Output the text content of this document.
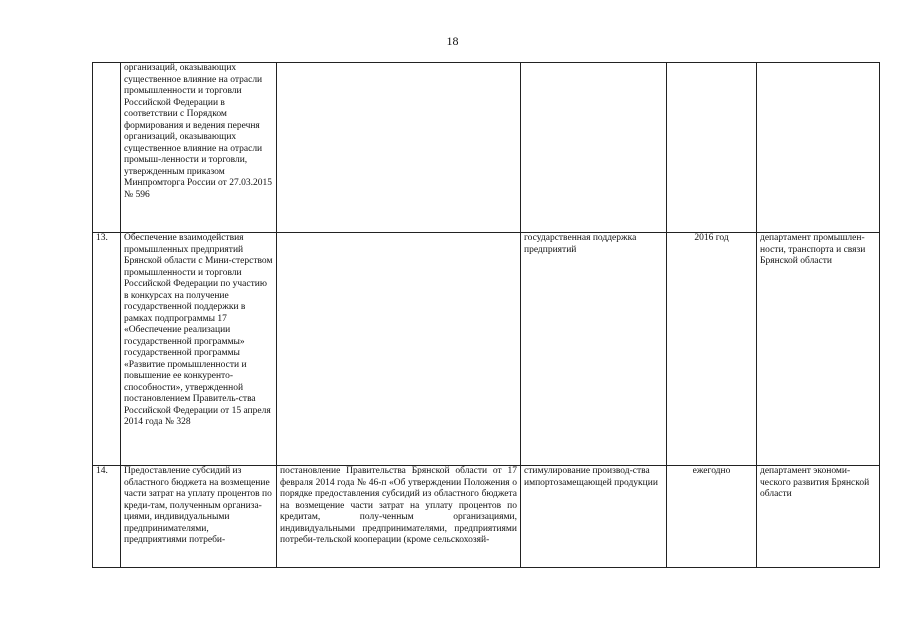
18
	организаций, оказывающих существенное влияние на отрасли промышленности и торговли Российской Федерации в соответствии с Порядком формирования и ведения перечня организаций, оказывающих существенное влияние на отрасли промыш-ленности и торговли, утвержденным приказом Минпромторга России от 27.03.2015 № 596				
13.	Обеспечение взаимодействия промышленных предприятий Брянской области с Мини-стерством промышленности и торговли Российской Федерации по участию в конкурсах на получение государственной поддержки в рамках подпрограммы 17 «Обеспечение реализации государственной программы» государственной программы «Развитие промышленности и повышение ее конкуренто-способности», утвержденной постановлением Правитель-ства Российской Федерации от 15 апреля 2014 года № 328		государственная поддержка предприятий	2016 год	департамент промышлен-ности, транспорта и связи Брянской области
14.	Предоставление субсидий из областного бюджета на возмещение части затрат на уплату процентов по креди-там, полученным организа-циями, индивидуальными предпринимателями, предприятиями потреби-	постановление Правительства Брянской области от 17 февраля 2014 года № 46-п «Об утверждении Положения о порядке предоставления субсидий из областного бюджета на возмещение части затрат на уплату процентов по кредитам, полу-ченным организациями, индивидуальными предпринимателями, предприятиями потреби-тельской кооперации (кроме сельскохозяй-	стимулирование производ-ства импортозамещающей продукции	ежегодно	департамент экономи-ческого развития Брянской области
